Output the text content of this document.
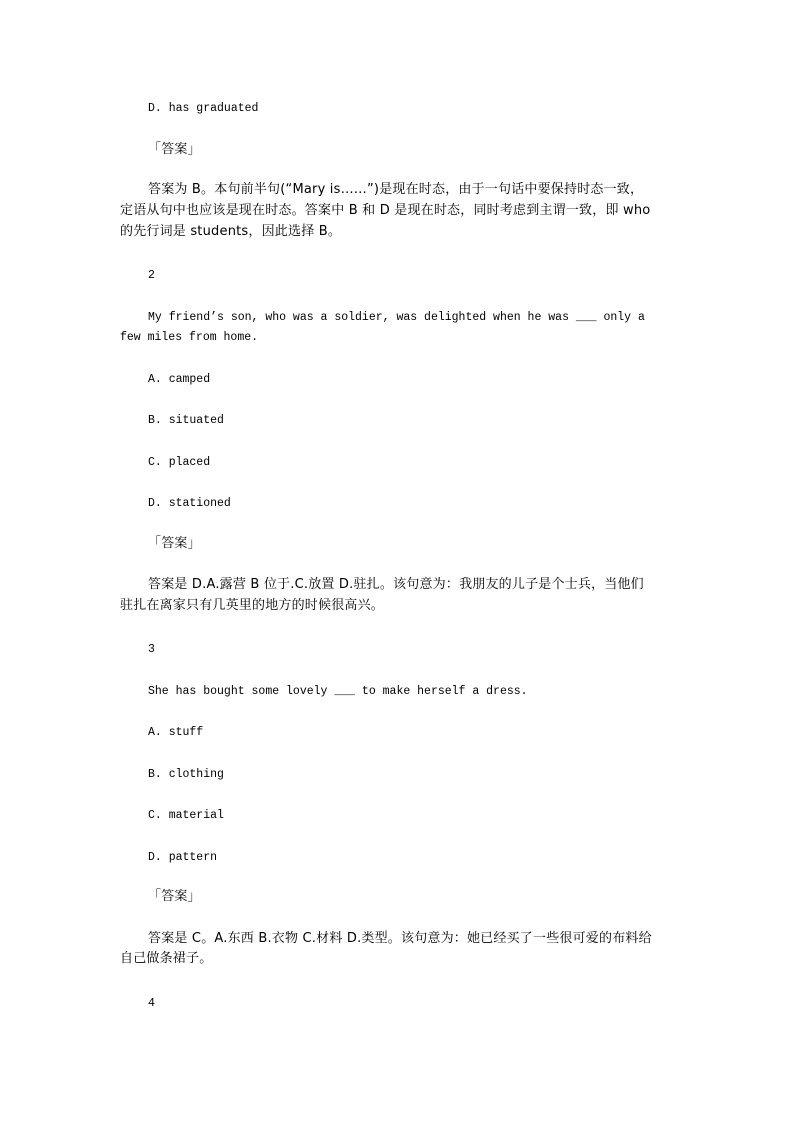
D. has graduated
「答案」
答案为 B。本句前半句(“Mary is……”)是现在时态，由于一句话中要保持时态一致，
定语从句中也应该是现在时态。答案中 B 和 D 是现在时态，同时考虑到主谓一致，即 who
的先行词是 students，因此选择 B。
2
My friend’s son, who was a soldier, was delighted when he was ___ only a
few miles from home.
A. camped
B. situated
C. placed
D. stationed
「答案」
答案是 D.A.露营 B 位于.C.放置 D.驻扎。该句意为：我朋友的儿子是个士兵，当他们
驻扎在离家只有几英里的地方的时候很高兴。
3
She has bought some lovely ___ to make herself a dress.
A. stuff
B. clothing
C. material
D. pattern
「答案」
答案是 C。A.东西 B.衣物 C.材料 D.类型。该句意为：她已经买了一些很可爱的布料给
自己做条裙子。
4
